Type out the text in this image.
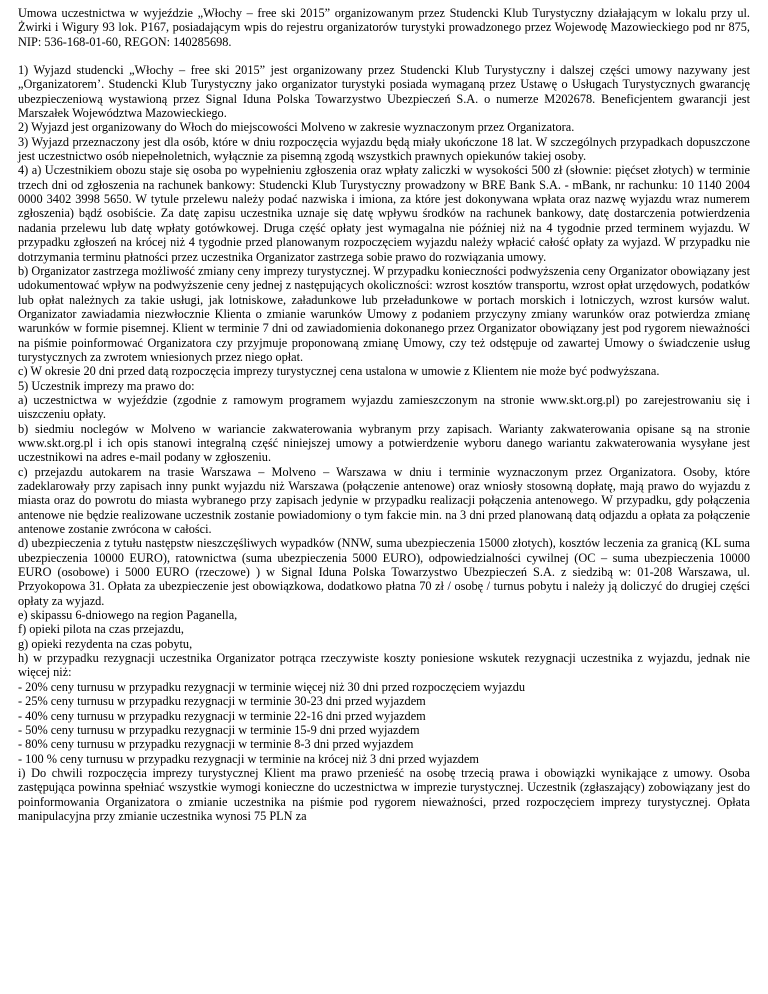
Umowa uczestnictwa w wyjeździe „Włochy – free ski 2015” organizowanym przez Studencki Klub Turystyczny działającym w lokalu przy ul. Żwirki i Wigury 93 lok. P167, posiadającym wpis do rejestru organizatorów turystyki prowadzonego przez Wojewodę Mazowieckiego pod nr 875, NIP: 536-168-01-60, REGON: 140285698.

1) Wyjazd studencki „Włochy – free ski 2015” jest organizowany przez Studencki Klub Turystyczny i dalszej części umowy nazywany jest „Organizatorem’. Studencki Klub Turystyczny jako organizator turystyki posiada wymaganą przez Ustawę o Usługach Turystycznych gwarancję ubezpieczeniową wystawioną przez Signal Iduna Polska Towarzystwo Ubezpieczeń S.A. o numerze M202678. Beneficjentem gwarancji jest Marszałek Województwa Mazowieckiego.

2) Wyjazd jest organizowany do Włoch do miejscowości Molveno w zakresie wyznaczonym przez Organizatora.

3) Wyjazd przeznaczony jest dla osób, które w dniu rozpoczęcia wyjazdu będą miały ukończone 18 lat. W szczególnych przypadkach dopuszczone jest uczestnictwo osób niepełnoletnich, wyłącznie za pisemną zgodą wszystkich prawnych opiekunów takiej osoby.

4) a) Uczestnikiem obozu staje się osoba po wypełnieniu zgłoszenia oraz wpłaty zaliczki w wysokości 500 zł (słownie: pięćset złotych) w terminie trzech dni od zgłoszenia na rachunek bankowy: Studencki Klub Turystyczny prowadzony w BRE Bank S.A. - mBank, nr rachunku: 10 1140 2004 0000 3402 3998 5650. W tytule przelewu należy podać nazwiska i imiona, za które jest dokonywana wpłata oraz nazwę wyjazdu wraz numerem zgłoszenia) bądź osobiście. Za datę zapisu uczestnika uznaje się datę wpływu środków na rachunek bankowy, datę dostarczenia potwierdzenia nadania przelewu lub datę wpłaty gotówkowej. Druga część opłaty jest wymagalna nie później niż na 4 tygodnie przed terminem wyjazdu. W przypadku zgłoszeń na krócej niż 4 tygodnie przed planowanym rozpoczęciem wyjazdu należy wpłacić całość opłaty za wyjazd. W przypadku nie dotrzymania terminu płatności przez uczestnika Organizator zastrzega sobie prawo do rozwiązania umowy.

b) Organizator zastrzega możliwość zmiany ceny imprezy turystycznej. W przypadku konieczności podwyższenia ceny Organizator obowiązany jest udokumentować wpływ na podwyższenie ceny jednej z następujących okoliczności: wzrost kosztów transportu, wzrost opłat urzędowych, podatków lub opłat należnych za takie usługi, jak lotniskowe, załadunkowe lub przeładunkowe w portach morskich i lotniczych, wzrost kursów walut. Organizator zawiadamia niezwłocznie Klienta o zmianie warunków Umowy z podaniem przyczyny zmiany warunków oraz potwierdza zmianę warunków w formie pisemnej. Klient w terminie 7 dni od zawiadomienia dokonanego przez Organizator obowiązany jest pod rygorem nieważności na piśmie poinformować Organizatora czy przyjmuje proponowaną zmianę Umowy, czy też odstępuje od zawartej Umowy o świadczenie usług turystycznych za zwrotem wniesionych przez niego opłat.

c) W okresie 20 dni przed datą rozpoczęcia imprezy turystycznej cena ustalona w umowie z Klientem nie może być podwyższana.

5) Uczestnik imprezy ma prawo do:

a) uczestnictwa w wyjeździe (zgodnie z ramowym programem wyjazdu zamieszczonym na stronie www.skt.org.pl) po zarejestrowaniu się i uiszczeniu opłaty.

b) siedmiu noclegów w Molveno w wariancie zakwaterowania wybranym przy zapisach. Warianty zakwaterowania opisane są na stronie www.skt.org.pl i ich opis stanowi integralną część niniejszej umowy a potwierdzenie wyboru danego wariantu zakwaterowania wysyłane jest uczestnikowi na adres e-mail podany w zgłoszeniu.

c) przejazdu autokarem na trasie Warszawa – Molveno – Warszawa w dniu i terminie wyznaczonym przez Organizatora. Osoby, które zadeklarowały przy zapisach inny punkt wyjazdu niż Warszawa (połączenie antenowe) oraz wniosły stosowną dopłatę, mają prawo do wyjazdu z miasta oraz do powrotu do miasta wybranego przy zapisach jedynie w przypadku realizacji połączenia antenowego. W przypadku, gdy połączenia antenowe nie będzie realizowane uczestnik zostanie powiadomiony o tym fakcie min. na 3 dni przed planowaną datą odjazdu a opłata za połączenie antenowe zostanie zwrócona w całości.

d) ubezpieczenia z tytułu następstw nieszczęśliwych wypadków (NNW, suma ubezpieczenia 15000 złotych), kosztów leczenia za granicą (KL suma ubezpieczenia 10000 EURO), ratownictwa (suma ubezpieczenia 5000 EURO), odpowiedzialności cywilnej (OC – suma ubezpieczenia 10000 EURO (osobowe) i 5000 EURO (rzeczowe) ) w Signal Iduna Polska Towarzystwo Ubezpieczeń S.A. z siedzibą w: 01-208 Warszawa, ul. Przyokopowa 31. Opłata za ubezpieczenie jest obowiązkowa, dodatkowo płatna 70 zł / osobę / turnus pobytu i należy ją doliczyć do drugiej części opłaty za wyjazd.

e) skipassu 6-dniowego na region Paganella,

f) opieki pilota na czas przejazdu,

g) opieki rezydenta na czas pobytu,

h) w przypadku rezygnacji uczestnika Organizator potrąca rzeczywiste koszty poniesione wskutek rezygnacji uczestnika z wyjazdu, jednak nie więcej niż:

- 20% ceny turnusu w przypadku rezygnacji w terminie więcej niż 30 dni przed rozpoczęciem wyjazdu

- 25% ceny turnusu w przypadku rezygnacji w terminie 30-23 dni przed wyjazdem

- 40% ceny turnusu w przypadku rezygnacji w terminie 22-16 dni przed wyjazdem

- 50% ceny turnusu w przypadku rezygnacji w terminie 15-9 dni przed wyjazdem

- 80% ceny turnusu w przypadku rezygnacji w terminie 8-3 dni przed wyjazdem

- 100 % ceny turnusu w przypadku rezygnacji w terminie na krócej niż 3 dni przed wyjazdem

i) Do chwili rozpoczęcia imprezy turystycznej Klient ma prawo przenieść na osobę trzecią prawa i obowiązki wynikające z umowy. Osoba zastępująca powinna spełniać wszystkie wymogi konieczne do uczestnictwa w imprezie turystycznej. Uczestnik (zgłaszający) zobowiązany jest do poinformowania Organizatora o zmianie uczestnika na piśmie pod rygorem nieważności, przed rozpoczęciem imprezy turystycznej. Opłata manipulacyjna przy zmianie uczestnika wynosi 75 PLN za
